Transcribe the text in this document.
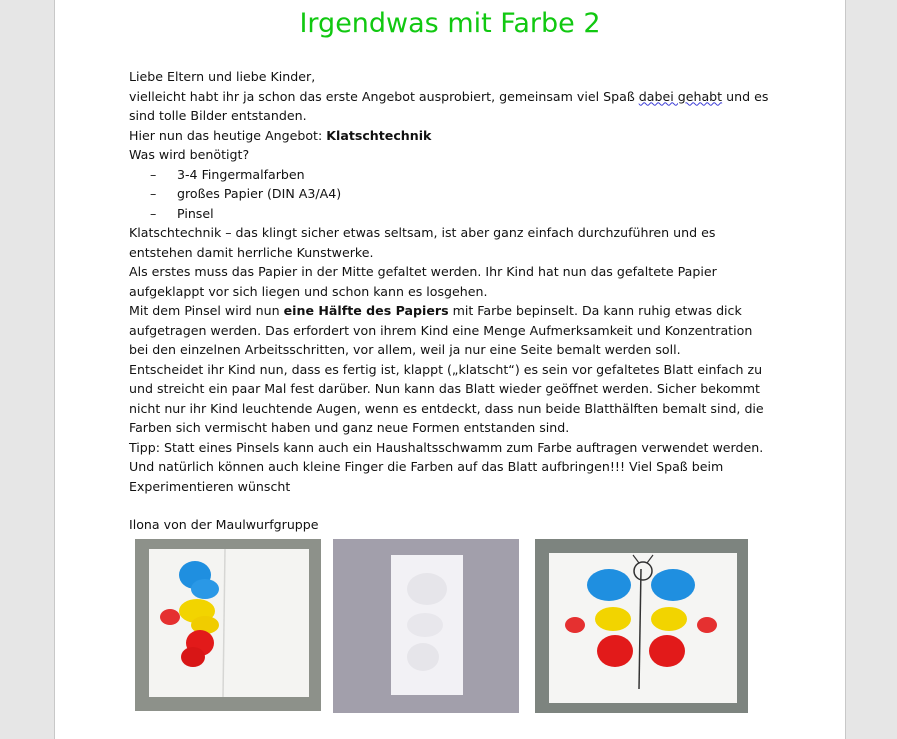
Irgendwas mit Farbe 2
Liebe Eltern und liebe Kinder,
vielleicht habt ihr ja schon das erste Angebot ausprobiert, gemeinsam viel Spaß dabei gehabt und es
sind tolle Bilder entstanden.
Hier nun das heutige Angebot: Klatschtechnik
Was wird benötigt?
– 3-4 Fingermalfarben
– großes Papier (DIN A3/A4)
– Pinsel
Klatschtechnik – das klingt sicher etwas seltsam, ist aber ganz einfach durchzuführen und es
entstehen damit herrliche Kunstwerke.
Als erstes muss das Papier in der Mitte gefaltet werden. Ihr Kind hat nun das gefaltete Papier
aufgeklappt vor sich liegen und schon kann es losgehen.
Mit dem Pinsel wird nun eine Hälfte des Papiers mit Farbe bepinselt. Da kann ruhig etwas dick
aufgetragen werden. Das erfordert von ihrem Kind eine Menge Aufmerksamkeit und Konzentration
bei den einzelnen Arbeitsschritten, vor allem, weil ja nur eine Seite bemalt werden soll.
Entscheidet ihr Kind nun, dass es fertig ist, klappt („klatscht“) es sein vor gefaltetes Blatt einfach zu
und streicht ein paar Mal fest darüber. Nun kann das Blatt wieder geöffnet werden. Sicher bekommt
nicht nur ihr Kind leuchtende Augen, wenn es entdeckt, dass nun beide Blatthälften bemalt sind, die
Farben sich vermischt haben und ganz neue Formen entstanden sind.
Tipp: Statt eines Pinsels kann auch ein Haushaltsschwamm zum Farbe auftragen verwendet werden.
Und natürlich können auch kleine Finger die Farben auf das Blatt aufbringen!!! Viel Spaß beim
Experimentieren wünscht
Ilona von der Maulwurfgruppe
